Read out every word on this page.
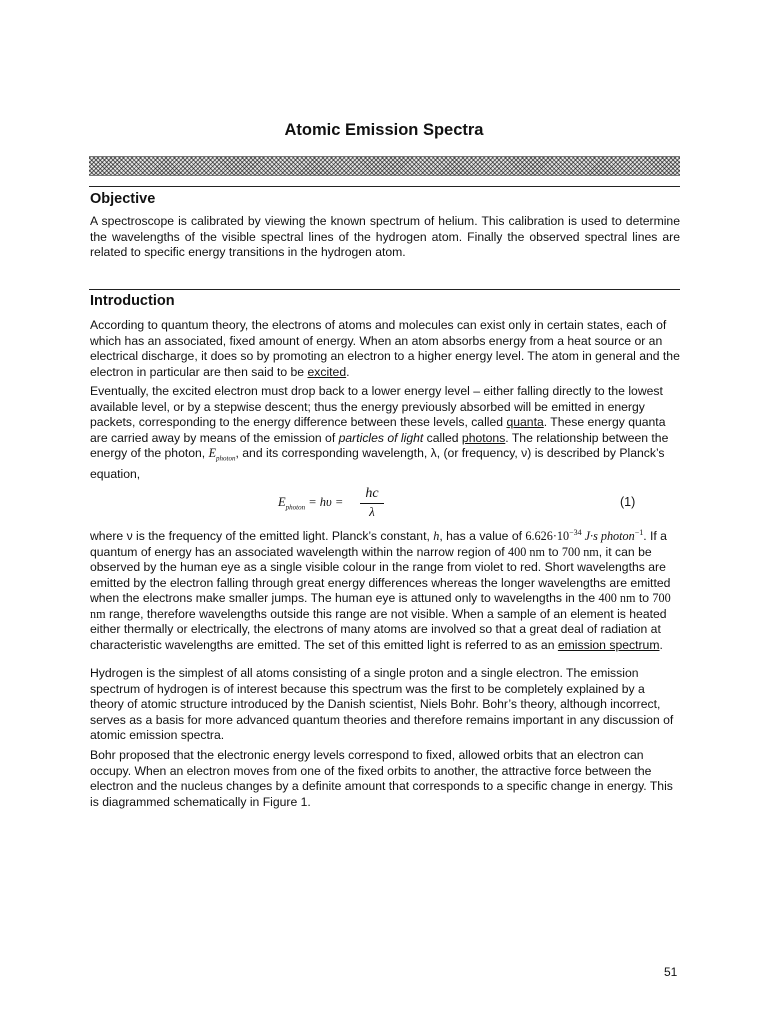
Atomic Emission Spectra
Objective
A spectroscope is calibrated by viewing the known spectrum of helium. This calibration is used to determine the wavelengths of the visible spectral lines of the hydrogen atom. Finally the observed spectral lines are related to specific energy transitions in the hydrogen atom.
Introduction
According to quantum theory, the electrons of atoms and molecules can exist only in certain states, each of which has an associated, fixed amount of energy. When an atom absorbs energy from a heat source or an electrical discharge, it does so by promoting an electron to a higher energy level. The atom in general and the electron in particular are then said to be excited.
Eventually, the excited electron must drop back to a lower energy level – either falling directly to the lowest available level, or by a stepwise descent; thus the energy previously absorbed will be emitted in energy packets, corresponding to the energy difference between these levels, called quanta. These energy quanta are carried away by means of the emission of particles of light called photons. The relationship between the energy of the photon, $E_{photon}$, and its corresponding wavelength, λ, (or frequency, ν) is described by Planck’s equation,
$E_{photon} = h\upsilon = \frac{hc}{\lambda}$	(1)
where ν is the frequency of the emitted light. Planck’s constant, h, has a value of $6.626\cdot 10^{-34}$ J·s photon$^{-1}$. If a quantum of energy has an associated wavelength within the narrow region of 400 nm to 700 nm, it can be observed by the human eye as a single visible colour in the range from violet to red. Short wavelengths are emitted by the electron falling through great energy differences whereas the longer wavelengths are emitted when the electrons make smaller jumps. The human eye is attuned only to wavelengths in the 400 nm to 700 nm range, therefore wavelengths outside this range are not visible. When a sample of an element is heated either thermally or electrically, the electrons of many atoms are involved so that a great deal of radiation at characteristic wavelengths are emitted. The set of this emitted light is referred to as an emission spectrum.
Hydrogen is the simplest of all atoms consisting of a single proton and a single electron. The emission spectrum of hydrogen is of interest because this spectrum was the first to be completely explained by a theory of atomic structure introduced by the Danish scientist, Niels Bohr. Bohr’s theory, although incorrect, serves as a basis for more advanced quantum theories and therefore remains important in any discussion of atomic emission spectra.
Bohr proposed that the electronic energy levels correspond to fixed, allowed orbits that an electron can occupy. When an electron moves from one of the fixed orbits to another, the attractive force between the electron and the nucleus changes by a definite amount that corresponds to a specific change in energy. This is diagrammed schematically in Figure 1.
51
